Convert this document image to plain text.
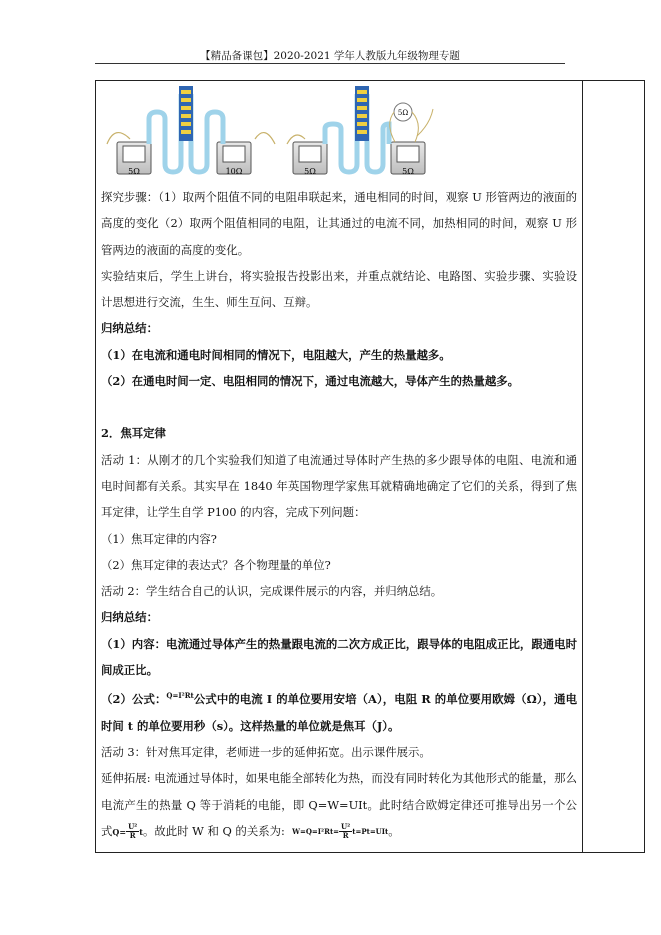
【精品备课包】2020-2021 学年人教版九年级物理专题
5Ω	10Ω	5Ω	5Ω
5Ω

探究步骤：（1）取两个阻值不同的电阻串联起来，通电相同的时间，观察 U 形管两边的液面的高度的变化（2）取两个阻值相同的电阻，让其通过的电流不同，加热相同的时间，观察 U 形管两边的液面的高度的变化。

实验结束后，学生上讲台，将实验报告投影出来，并重点就结论、电路图、实验步骤、实验设计思想进行交流，生生、师生互问、互辩。

归纳总结：

（1）在电流和通电时间相同的情况下，电阻越大，产生的热量越多。

（2）在通电时间一定、电阻相同的情况下，通过电流越大，导体产生的热量越多。

2．焦耳定律

活动 1：从刚才的几个实验我们知道了电流通过导体时产生热的多少跟导体的电阻、电流和通电时间都有关系。其实早在 1840 年英国物理学家焦耳就精确地确定了它们的关系，得到了焦耳定律，让学生自学 P100 的内容，完成下列问题：

（1）焦耳定律的内容?

（2）焦耳定律的表达式？各个物理量的单位?

活动 2：学生结合自己的认识，完成课件展示的内容，并归纳总结。

归纳总结：

（1）内容：电流通过导体产生的热量跟电流的二次方成正比，跟导体的电阻成正比，跟通电时间成正比。

（2）公式：$^{Q=I^2Rt}$公式中的电流 I 的单位要用安培（A），电阻 R 的单位要用欧姆（Ω），通电时间 t 的单位要用秒（s）。这样热量的单位就是焦耳（J）。

活动 3：针对焦耳定律，老师进一步的延伸拓宽。出示课件展示。

延伸拓展: 电流通过导体时，如果电能全部转化为热，而没有同时转化为其他形式的能量，那么电流产生的热量 Q 等于消耗的电能，即 Q=W=UIt。此时结合欧姆定律还可推导出另一个公式$Q= \frac{\text{U²}}{R}$ t。故此时 W 和 Q 的关系为: $W=Q=I^2Rt= \frac{\text{U²}}{R} t=Pt=UIt$。
